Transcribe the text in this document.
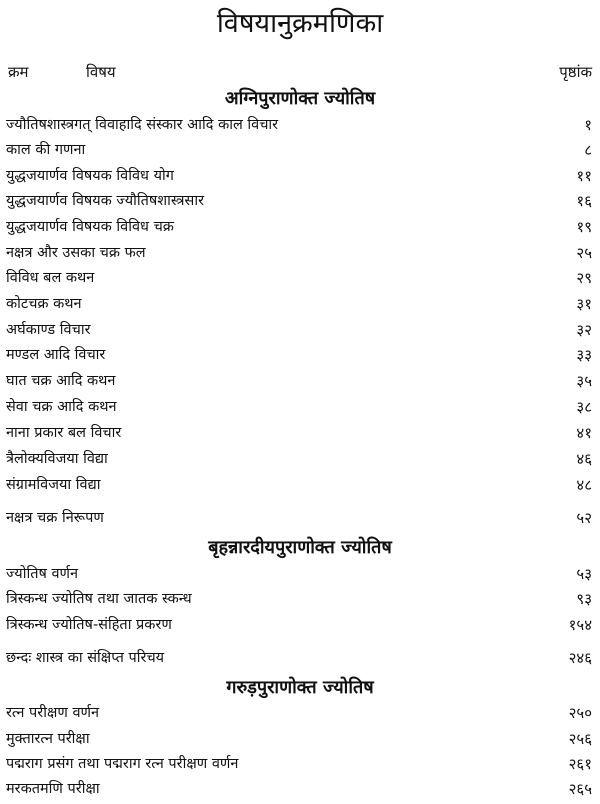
विषयानुक्रमणिका
क्रम	विषय	पृष्ठांक
अग्निपुराणोक्त ज्योतिष
ज्यौतिषशास्त्रगत् विवाहादि संस्कार आदि काल विचार	१
काल की गणना	८
युद्धजयार्णव विषयक विविध योग	११
युद्धजयार्णव विषयक ज्यौतिषशास्त्रसार	१६
युद्धजयार्णव विषयक विविध चक्र	१९
नक्षत्र और उसका चक्र फल	२५
विविध बल कथन	२९
कोटचक्र कथन	३१
अर्घकाण्ड विचार	३२
मण्डल आदि विचार	३३
घात चक्र आदि कथन	३५
सेवा चक्र आदि कथन	३८
नाना प्रकार बल विचार	४१
त्रैलोक्यविजया विद्या	४६
संग्रामविजया विद्या	४८
नक्षत्र चक्र निरूपण	५२
बृहन्नारदीयपुराणोक्त ज्योतिष
ज्योतिष वर्णन	५३
त्रिस्कन्ध ज्योतिष तथा जातक स्कन्ध	९३
त्रिस्कन्ध ज्योतिष-संहिता प्रकरण	१५४
छन्दः शास्त्र का संक्षिप्त परिचय	२४६
गरुड़पुराणोक्त ज्योतिष
रत्न परीक्षण वर्णन	२५०
मुक्तारत्न परीक्षा	२५६
पद्मराग प्रसंग तथा पद्मराग रत्न परीक्षण वर्णन	२६१
मरकतमणि परीक्षा	२६५
